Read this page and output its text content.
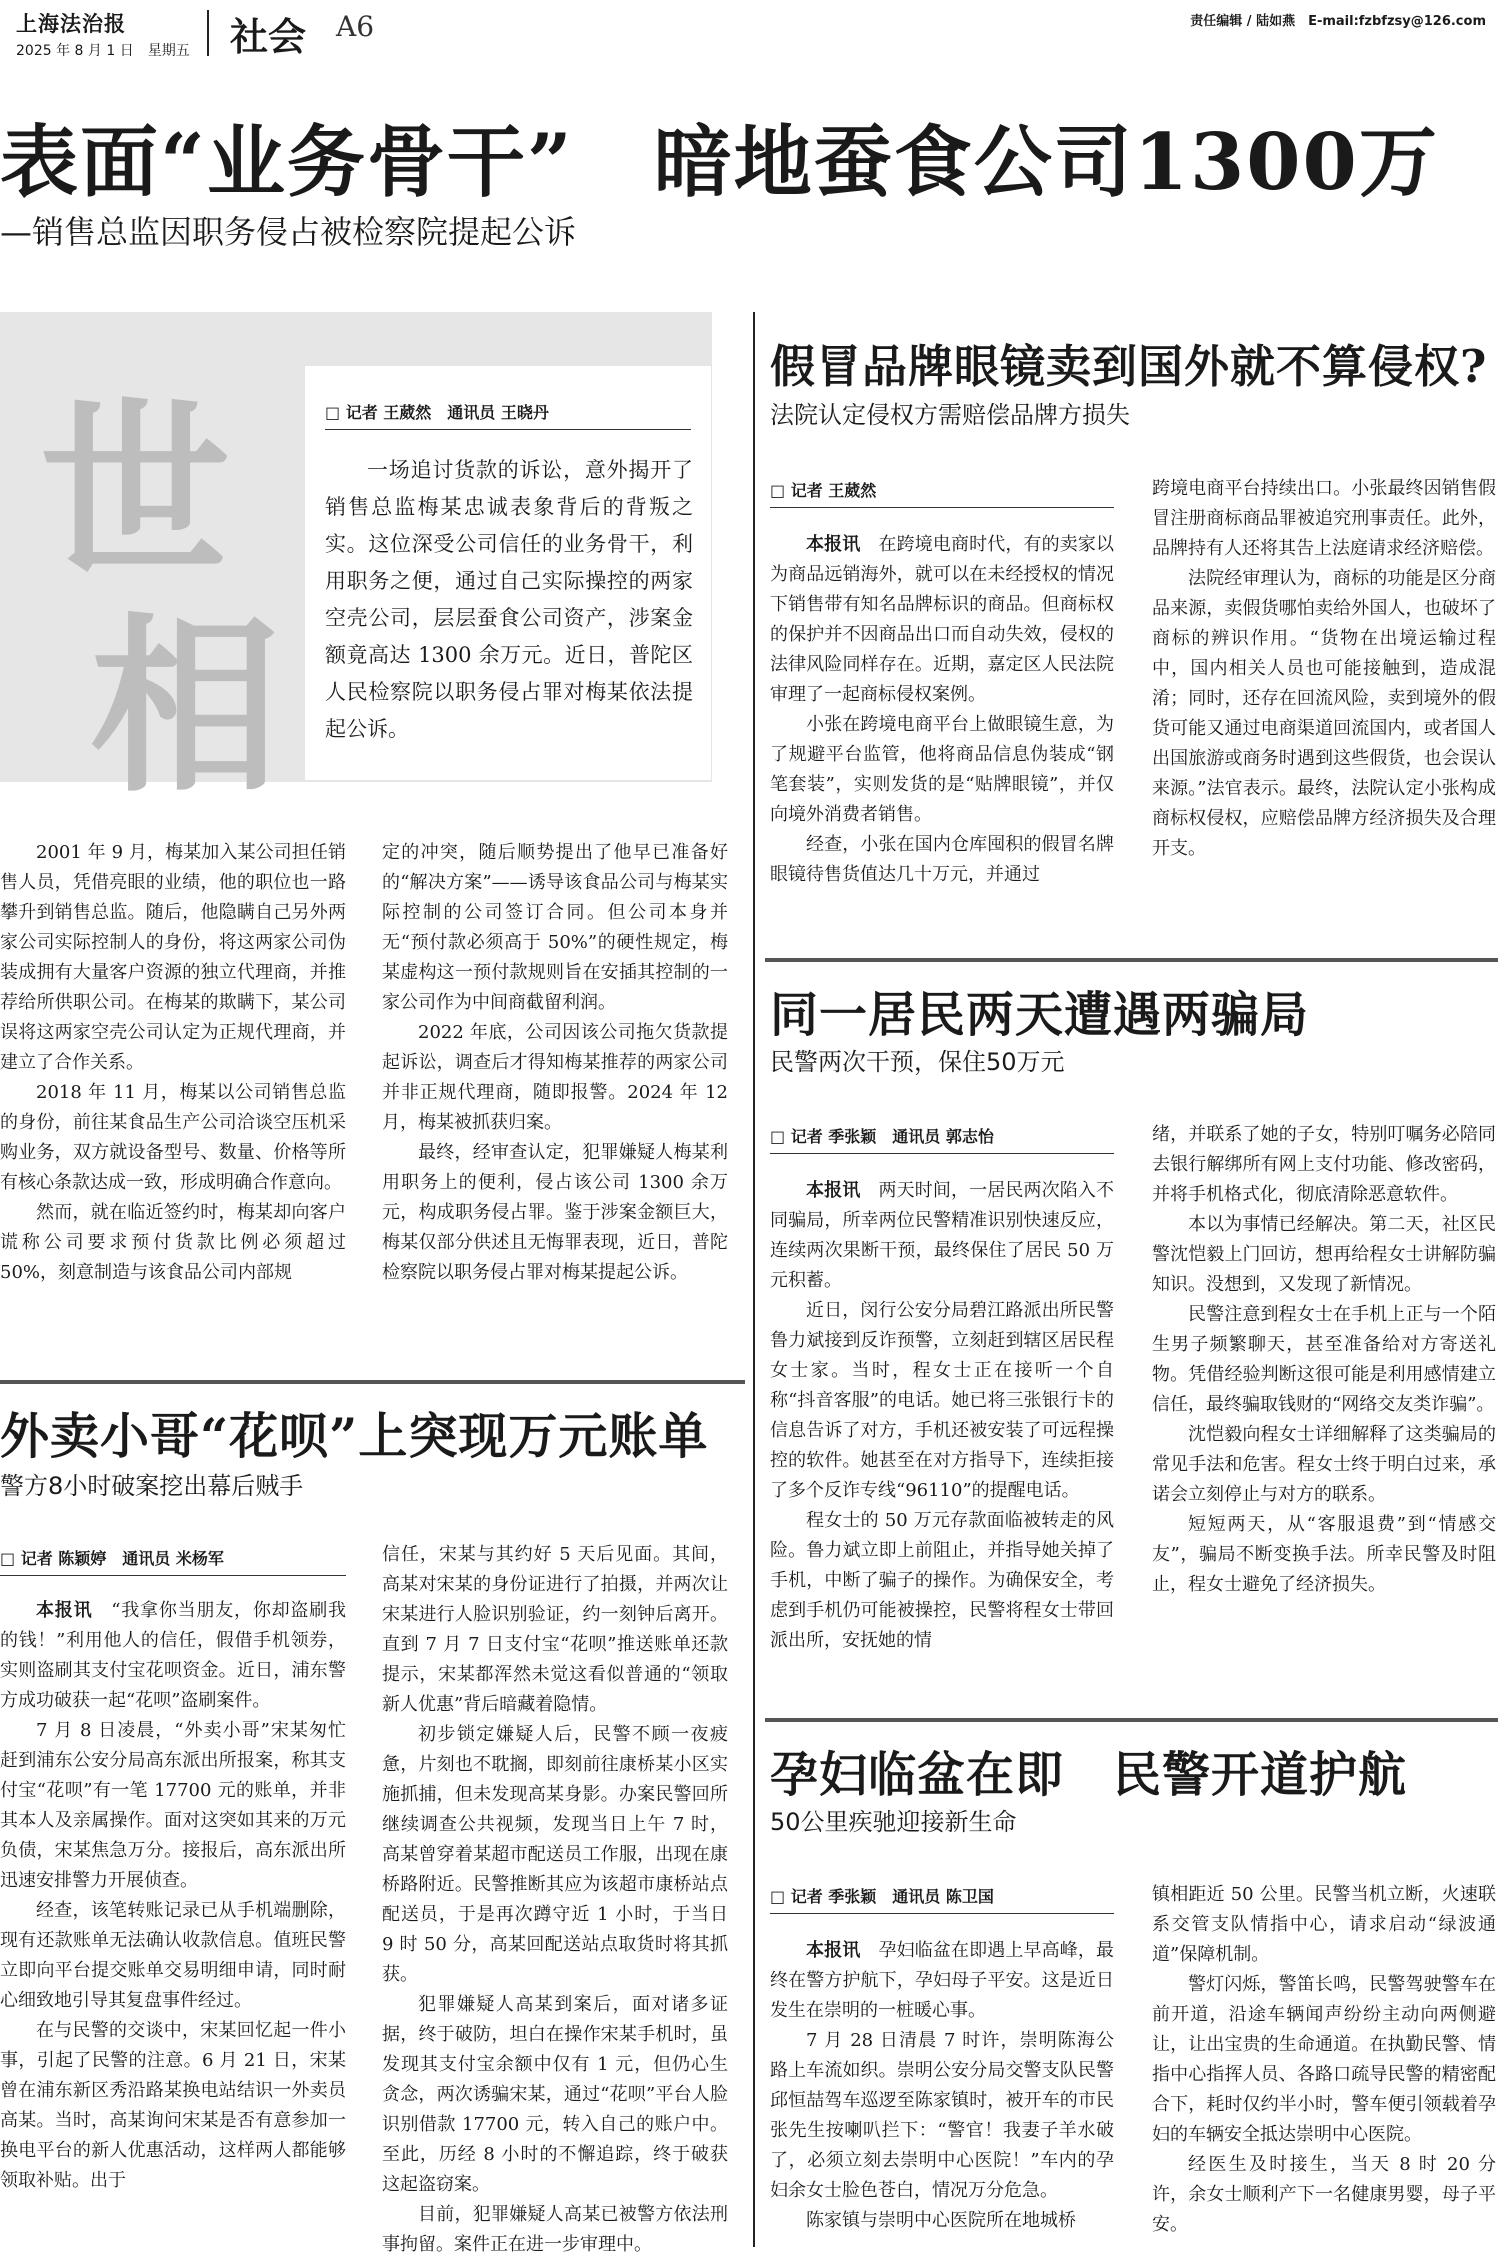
上海法治报
2025 年 8 月 1 日　星期五 社会 A6	责任编辑 / 陆如燕　E-mail:fzbfzsy@126.com
表面“业务骨干”　暗地蚕食公司1300万
—销售总监因职务侵占被检察院提起公诉
世
相
□ 记者 王葳然　通讯员 王晓丹

一场追讨货款的诉讼，意外揭开了销售总监梅某忠诚表象背后的背叛之实。这位深受公司信任的业务骨干，利用职务之便，通过自己实际操控的两家空壳公司，层层蚕食公司资产，涉案金额竟高达 1300 余万元。近日，普陀区人民检察院以职务侵占罪对梅某依法提起公诉。

2001 年 9 月，梅某加入某公司担任销售人员，凭借亮眼的业绩，他的职位也一路攀升到销售总监。随后，他隐瞒自己另外两家公司实际控制人的身份，将这两家公司伪装成拥有大量客户资源的独立代理商，并推荐给所供职公司。在梅某的欺瞒下，某公司误将这两家空壳公司认定为正规代理商，并建立了合作关系。

2018 年 11 月，梅某以公司销售总监的身份，前往某食品生产公司洽谈空压机采购业务，双方就设备型号、数量、价格等所有核心条款达成一致，形成明确合作意向。

然而，就在临近签约时，梅某却向客户谎称公司要求预付货款比例必须超过 50%，刻意制造与该食品公司内部规

定的冲突，随后顺势提出了他早已准备好的“解决方案”——诱导该食品公司与梅某实际控制的公司签订合同。但公司本身并无“预付款必须高于 50%”的硬性规定，梅某虚构这一预付款规则旨在安插其控制的一家公司作为中间商截留利润。

2022 年底，公司因该公司拖欠货款提起诉讼，调查后才得知梅某推荐的两家公司并非正规代理商，随即报警。2024 年 12 月，梅某被抓获归案。

最终，经审查认定，犯罪嫌疑人梅某利用职务上的便利，侵占该公司 1300 余万元，构成职务侵占罪。鉴于涉案金额巨大，梅某仅部分供述且无悔罪表现，近日，普陀检察院以职务侵占罪对梅某提起公诉。

外卖小哥“花呗”上突现万元账单
警方8小时破案挖出幕后贼手
□ 记者 陈颖婷　通讯员 米杨军

本报讯　 “我拿你当朋友，你却盗刷我的钱！”利用他人的信任，假借手机领券，实则盗刷其支付宝花呗资金。近日，浦东警方成功破获一起“花呗”盗刷案件。

7 月 8 日凌晨，“外卖小哥”宋某匆忙赶到浦东公安分局高东派出所报案，称其支付宝“花呗”有一笔 17700 元的账单，并非其本人及亲属操作。面对这突如其来的万元负债，宋某焦急万分。接报后，高东派出所迅速安排警力开展侦查。

经查，该笔转账记录已从手机端删除，现有还款账单无法确认收款信息。值班民警立即向平台提交账单交易明细申请，同时耐心细致地引导其复盘事件经过。

在与民警的交谈中，宋某回忆起一件小事，引起了民警的注意。6 月 21 日，宋某曾在浦东新区秀沿路某换电站结识一外卖员高某。当时，高某询问宋某是否有意参加一换电平台的新人优惠活动，这样两人都能够领取补贴。出于

信任，宋某与其约好 5 天后见面。其间，高某对宋某的身份证进行了拍摄，并两次让宋某进行人脸识别验证，约一刻钟后离开。直到 7 月 7 日支付宝“花呗”推送账单还款提示，宋某都浑然未觉这看似普通的“领取新人优惠”背后暗藏着隐情。

初步锁定嫌疑人后，民警不顾一夜疲惫，片刻也不耽搁，即刻前往康桥某小区实施抓捕，但未发现高某身影。办案民警回所继续调查公共视频，发现当日上午 7 时，高某曾穿着某超市配送员工作服，出现在康桥路附近。民警推断其应为该超市康桥站点配送员，于是再次蹲守近 1 小时，于当日 9 时 50 分，高某回配送站点取货时将其抓获。

犯罪嫌疑人高某到案后，面对诸多证据，终于破防，坦白在操作宋某手机时，虽发现其支付宝余额中仅有 1 元，但仍心生贪念，两次诱骗宋某，通过“花呗”平台人脸识别借款 17700 元，转入自己的账户中。至此，历经 8 小时的不懈追踪，终于破获这起盗窃案。

目前，犯罪嫌疑人高某已被警方依法刑事拘留。案件正在进一步审理中。

假冒品牌眼镜卖到国外就不算侵权?
法院认定侵权方需赔偿品牌方损失
□ 记者 王葳然

本报讯　 在跨境电商时代，有的卖家以为商品远销海外，就可以在未经授权的情况下销售带有知名品牌标识的商品。但商标权的保护并不因商品出口而自动失效，侵权的法律风险同样存在。近期，嘉定区人民法院审理了一起商标侵权案例。

小张在跨境电商平台上做眼镜生意，为了规避平台监管，他将商品信息伪装成“钢笔套装”，实则发货的是“贴牌眼镜”，并仅向境外消费者销售。

经查，小张在国内仓库囤积的假冒名牌眼镜待售货值达几十万元，并通过

跨境电商平台持续出口。小张最终因销售假冒注册商标商品罪被追究刑事责任。此外，品牌持有人还将其告上法庭请求经济赔偿。

法院经审理认为，商标的功能是区分商品来源，卖假货哪怕卖给外国人，也破坏了商标的辨识作用。“货物在出境运输过程中，国内相关人员也可能接触到，造成混淆；同时，还存在回流风险，卖到境外的假货可能又通过电商渠道回流国内，或者国人出国旅游或商务时遇到这些假货，也会误认来源。”法官表示。最终，法院认定小张构成商标权侵权，应赔偿品牌方经济损失及合理开支。

同一居民两天遭遇两骗局
民警两次干预，保住50万元
□ 记者 季张颖　通讯员 郭志怡

本报讯　 两天时间，一居民两次陷入不同骗局，所幸两位民警精准识别快速反应，连续两次果断干预，最终保住了居民 50 万元积蓄。

近日，闵行公安分局碧江路派出所民警鲁力斌接到反诈预警，立刻赶到辖区居民程女士家。当时，程女士正在接听一个自称“抖音客服”的电话。她已将三张银行卡的信息告诉了对方，手机还被安装了可远程操控的软件。她甚至在对方指导下，连续拒接了多个反诈专线“96110”的提醒电话。

程女士的 50 万元存款面临被转走的风险。鲁力斌立即上前阻止，并指导她关掉了手机，中断了骗子的操作。为确保安全，考虑到手机仍可能被操控，民警将程女士带回派出所，安抚她的情

绪，并联系了她的子女，特别叮嘱务必陪同去银行解绑所有网上支付功能、修改密码，并将手机格式化，彻底清除恶意软件。

本以为事情已经解决。第二天，社区民警沈恺毅上门回访，想再给程女士讲解防骗知识。没想到，又发现了新情况。

民警注意到程女士在手机上正与一个陌生男子频繁聊天，甚至准备给对方寄送礼物。凭借经验判断这很可能是利用感情建立信任，最终骗取钱财的“网络交友类诈骗”。

沈恺毅向程女士详细解释了这类骗局的常见手法和危害。程女士终于明白过来，承诺会立刻停止与对方的联系。

短短两天，从“客服退费”到“情感交友”，骗局不断变换手法。所幸民警及时阻止，程女士避免了经济损失。

孕妇临盆在即　民警开道护航
50公里疾驰迎接新生命
□ 记者 季张颖　通讯员 陈卫国

本报讯　 孕妇临盆在即遇上早高峰，最终在警方护航下，孕妇母子平安。这是近日发生在崇明的一桩暖心事。

7 月 28 日清晨 7 时许，崇明陈海公路上车流如织。崇明公安分局交警支队民警邱恒喆驾车巡逻至陈家镇时，被开车的市民张先生按喇叭拦下：“警官！我妻子羊水破了，必须立刻去崇明中心医院！”车内的孕妇余女士脸色苍白，情况万分危急。

陈家镇与崇明中心医院所在地城桥

镇相距近 50 公里。民警当机立断，火速联系交管支队情指中心，请求启动“绿波通道”保障机制。

警灯闪烁，警笛长鸣，民警驾驶警车在前开道，沿途车辆闻声纷纷主动向两侧避让，让出宝贵的生命通道。在执勤民警、情指中心指挥人员、各路口疏导民警的精密配合下，耗时仅约半小时，警车便引领载着孕妇的车辆安全抵达崇明中心医院。

经医生及时接生，当天 8 时 20 分许，余女士顺利产下一名健康男婴，母子平安。
